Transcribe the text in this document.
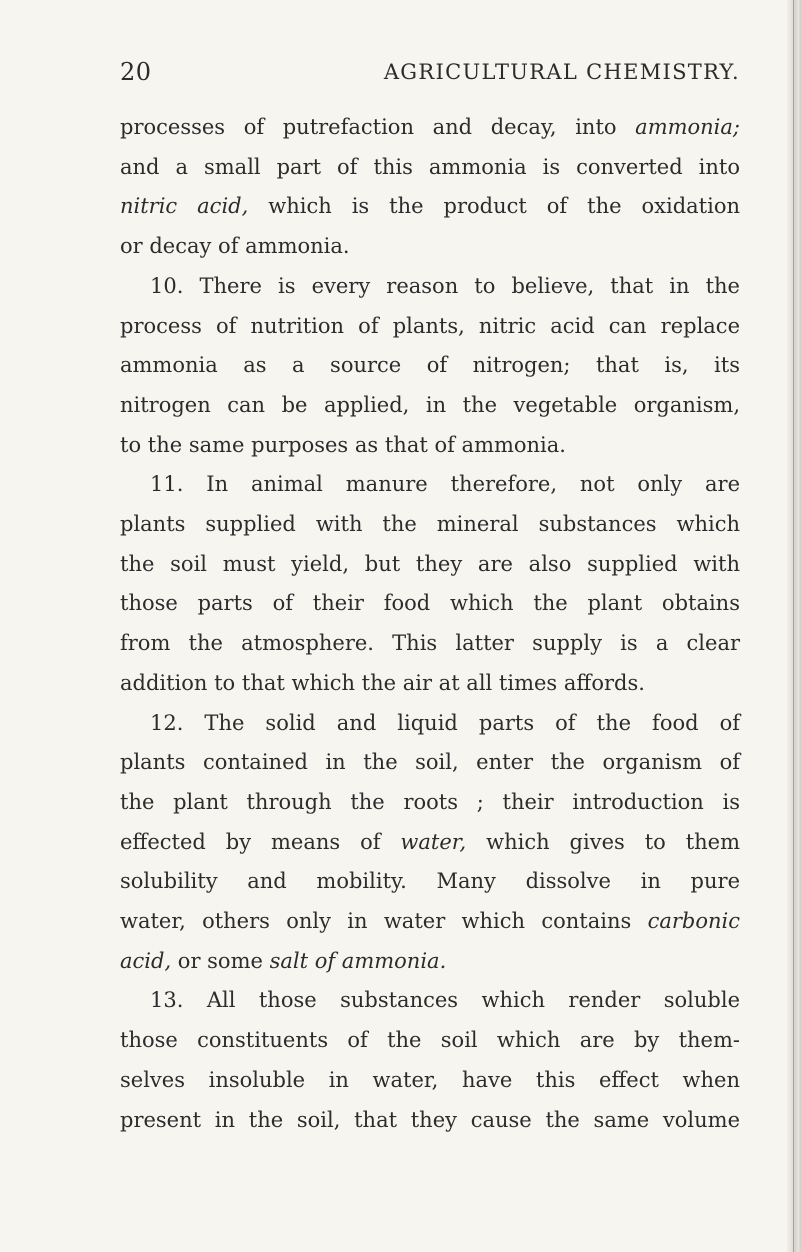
20	AGRICULTURAL CHEMISTRY.
processes of putrefaction and decay, into ammonia;
and a small part of this ammonia is converted into
nitric acid, which is the product of the oxidation
or decay of ammonia.
10. There is every reason to believe, that in the
process of nutrition of plants, nitric acid can replace
ammonia as a source of nitrogen; that is, its
nitrogen can be applied, in the vegetable organism,
to the same purposes as that of ammonia.
11. In animal manure therefore, not only are
plants supplied with the mineral substances which
the soil must yield, but they are also supplied with
those parts of their food which the plant obtains
from the atmosphere. This latter supply is a clear
addition to that which the air at all times affords.
12. The solid and liquid parts of the food of
plants contained in the soil, enter the organism of
the plant through the roots ; their introduction is
effected by means of water, which gives to them
solubility and mobility. Many dissolve in pure
water, others only in water which contains carbonic
acid, or some salt of ammonia.
13. All those substances which render soluble
those constituents of the soil which are by them-
selves insoluble in water, have this effect when
present in the soil, that they cause the same volume
